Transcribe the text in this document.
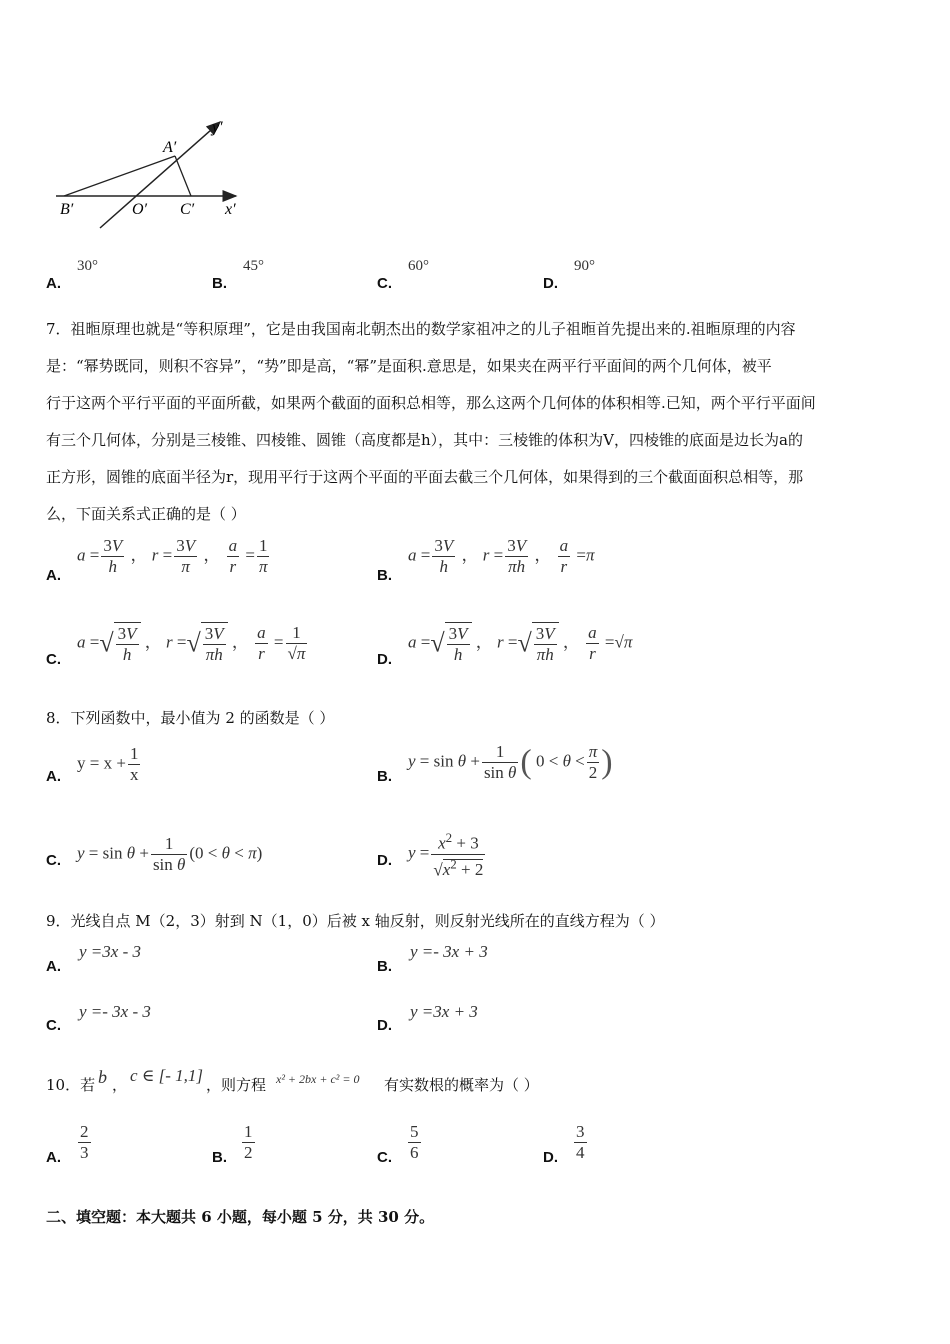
A′
B′	O′ C′ x′
y′
A.
30°
B.
45°
C.
60°
D.
90°
7．祖暅原理也就是“等积原理”，它是由我国南北朝杰出的数学家祖冲之的儿子祖暅首先提出来的.祖暅原理的内容
是：“幂势既同，则积不容异”，“势”即是高，“幂”是面积.意思是，如果夹在两平行平面间的两个几何体，被平
行于这两个平行平面的平面所截，如果两个截面的面积总相等，那么这两个几何体的体积相等.已知，两个平行平面间
有三个几何体，分别是三棱锥、四棱锥、圆锥（高度都是h），其中：三棱锥的体积为V，四棱锥的底面是边长为a的
正方形，圆锥的底面半径为r，现用平行于这两个平面的平面去截三个几何体，如果得到的三个截面面积总相等，那
么，下面关系式正确的是（ ）
A.
$a = \frac{3V}{h}$ ， $r = \frac{3V}{\pi}$ ， $\frac{a}{r} = \frac{1}{\pi}$	B.
$a = \frac{3V}{h}$ ， $r = \frac{3V}{\pi h}$ ， $\frac{a}{r} =\pi$
C.
a =√ $\frac{3V}{h}$ ， r =√ $\frac{3V}{\pi h}$ ， $\frac{a}{r} = \frac{1}{√\pi}$	D.
a =√ $\frac{3V}{h}$ ， r =√ $\frac{3V}{\pi h}$ ， $\frac{a}{r} =√\pi$
8．下列函数中，最小值为 2 的函数是（ ）
A.
$y = x + \frac{1}{x}$	B.
$y = \sin \theta + \frac{1}{\text{sin θ}}$ ( $0 < \theta < \frac{\pi}{2}$ )
C. $y = \sin \theta + \frac{1}{\text{sin θ}} (0 < \theta < \pi)$	D. $y = \frac{x^2 + 3}{√x^2 + 2}$
9．光线自点 M（2，3）射到 N（1，0）后被 x 轴反射，则反射光线所在的直线方程为（ ）
A.
y =3x - 3
B.
y =- 3x + 3
C.
y =- 3x - 3
D.
y =3x + 3
10．若 b ， c ∈ [- 1,1] ，则方程 x² + 2bx + c² = 0 有实数根的概率为（ ）
A. $\frac{2}{3}$	B. $\frac{1}{2}$	C. $\frac{5}{6}$	D. $\frac{3}{4}$
二、填空题：本大题共 6 小题，每小题 5 分，共 30 分。
